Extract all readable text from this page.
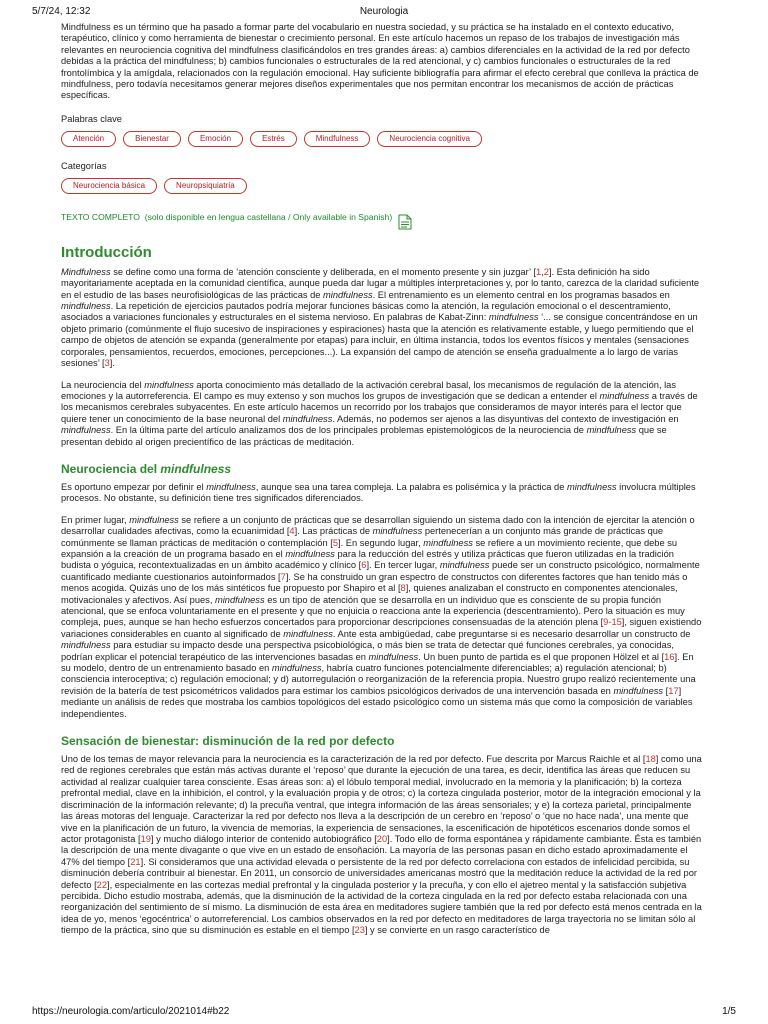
5/7/24, 12:32	Neurologia

Mindfulness es un término que ha pasado a formar parte del vocabulario en nuestra sociedad, y su práctica se ha instalado en el contexto educativo, terapéutico, clínico y como herramienta de bienestar o crecimiento personal. En este artículo hacemos un repaso de los trabajos de investigación más relevantes en neurociencia cognitiva del mindfulness clasificándolos en tres grandes áreas: a) cambios diferenciales en la actividad de la red por defecto debidas a la práctica del mindfulness; b) cambios funcionales o estructurales de la red atencional, y c) cambios funcionales o estructurales de la red frontolímbica y la amígdala, relacionados con la regulación emocional. Hay suficiente bibliografía para afirmar el efecto cerebral que conlleva la práctica de mindfulness, pero todavía necesitamos generar mejores diseños experimentales que nos permitan encontrar los mecanismos de acción de prácticas específicas.

Palabras clave
Atención	Bienestar	Emoción	Estrés	Mindfulness	Neurociencia cognitiva
Categorías
Neurociencia básica	Neuropsiquiatría
TEXTO COMPLETO (solo disponible en lengua castellana / Only available in Spanish)
Introducción

Mindfulness se define como una forma de ‘atención consciente y deliberada, en el momento presente y sin juzgar’ [1,2]. Esta definición ha sido mayoritariamente aceptada en la comunidad científica, aunque pueda dar lugar a múltiples interpretaciones y, por lo tanto, carezca de la claridad suficiente en el estudio de las bases neurofisiológicas de las prácticas de mindfulness. El entrenamiento es un elemento central en los programas basados en mindfulness. La repetición de ejercicios pautados podría mejorar funciones básicas como la atención, la regulación emocional o el descentramiento, asociados a variaciones funcionales y estructurales en el sistema nervioso. En palabras de Kabat-Zinn: mindfulness ‘... se consigue concentrándose en un objeto primario (comúnmente el flujo sucesivo de inspiraciones y espiraciones) hasta que la atención es relativamente estable, y luego permitiendo que el campo de objetos de atención se expanda (generalmente por etapas) para incluir, en última instancia, todos los eventos físicos y mentales (sensaciones corporales, pensamientos, recuerdos, emociones, percepciones...). La expansión del campo de atención se enseña gradualmente a lo largo de varias sesiones’ [3].

La neurociencia del mindfulness aporta conocimiento más detallado de la activación cerebral basal, los mecanismos de regulación de la atención, las emociones y la autorreferencia. El campo es muy extenso y son muchos los grupos de investigación que se dedican a entender el mindfulness a través de los mecanismos cerebrales subyacentes. En este artículo hacemos un recorrido por los trabajos que consideramos de mayor interés para el lector que quiere tener un conocimiento de la base neuronal del mindfulness. Además, no podemos ser ajenos a las disyuntivas del contexto de investigación en mindfulness. En la última parte del artículo analizamos dos de los principales problemas epistemológicos de la neurociencia de mindfulness que se presentan debido al origen precientífico de las prácticas de meditación.

Neurociencia del mindfulness

Es oportuno empezar por definir el mindfulness, aunque sea una tarea compleja. La palabra es polisémica y la práctica de mindfulness involucra múltiples procesos. No obstante, su definición tiene tres significados diferenciados.

En primer lugar, mindfulness se refiere a un conjunto de prácticas que se desarrollan siguiendo un sistema dado con la intención de ejercitar la atención o desarrollar cualidades afectivas, como la ecuanimidad [4]. Las prácticas de mindfulness pertenecerían a un conjunto más grande de prácticas que comúnmente se llaman prácticas de meditación o contemplación [5]. En segundo lugar, mindfulness se refiere a un movimiento reciente, que debe su expansión a la creación de un programa basado en el mindfulness para la reducción del estrés y utiliza prácticas que fueron utilizadas en la tradición budista o yóguica, recontextualizadas en un ámbito académico y clínico [6]. En tercer lugar, mindfulness puede ser un constructo psicológico, normalmente cuantificado mediante cuestionarios autoinformados [7]. Se ha construido un gran espectro de constructos con diferentes factores que han tenido más o menos acogida. Quizás uno de los más sintéticos fue propuesto por Shapiro et al [8], quienes analizaban el constructo en componentes atencionales, motivacionales y afectivos. Así pues, mindfulness es un tipo de atención que se desarrolla en un individuo que es consciente de su propia función atencional, que se enfoca voluntariamente en el presente y que no enjuicia o reacciona ante la experiencia (descentramiento). Pero la situación es muy compleja, pues, aunque se han hecho esfuerzos concertados para proporcionar descripciones consensuadas de la atención plena [9-15], siguen existiendo variaciones considerables en cuanto al significado de mindfulness. Ante esta ambigüedad, cabe preguntarse si es necesario desarrollar un constructo de mindfulness para estudiar su impacto desde una perspectiva psicobiológica, o más bien se trata de detectar qué funciones cerebrales, ya conocidas, podrían explicar el potencial terapéutico de las intervenciones basadas en mindfulness. Un buen punto de partida es el que proponen Hölzel et al [16]. En su modelo, dentro de un entrenamiento basado en mindfulness, habría cuatro funciones potencialmente diferenciables; a) regulación atencional; b) consciencia interoceptiva; c) regulación emocional; y d) autorregulación o reorganización de la referencia propia. Nuestro grupo realizó recientemente una revisión de la batería de test psicométricos validados para estimar los cambios psicológicos derivados de una intervención basada en mindfulness [17] mediante un análisis de redes que mostraba los cambios topológicos del estado psicológico como un sistema más que como la composición de variables independientes.

Sensación de bienestar: disminución de la red por defecto

Uno de los temas de mayor relevancia para la neurociencia es la caracterización de la red por defecto. Fue descrita por Marcus Raichle et al [18] como una red de regiones cerebrales que están más activas durante el ‘reposo’ que durante la ejecución de una tarea, es decir, identifica las áreas que reducen su actividad al realizar cualquier tarea consciente. Esas áreas son: a) el lóbulo temporal medial, involucrado en la memoria y la planificación; b) la corteza prefrontal medial, clave en la inhibición, el control, y la evaluación propia y de otros; c) la corteza cingulada posterior, motor de la integración emocional y la discriminación de la información relevante; d) la precuña ventral, que integra información de las áreas sensoriales; y e) la corteza parietal, principalmente las áreas motoras del lenguaje. Caracterizar la red por defecto nos lleva a la descripción de un cerebro en ‘reposo’ o ‘que no hace nada’, una mente que vive en la planificación de un futuro, la vivencia de memorias, la experiencia de sensaciones, la escenificación de hipotéticos escenarios donde somos el actor protagonista [19] y mucho diálogo interior de contenido autobiográfico [20]. Todo ello de forma espontánea y rápidamente cambiante. Ésta es también la descripción de una mente divagante o que vive en un estado de ensoñación. La mayoría de las personas pasan en dicho estado aproximadamente el 47% del tiempo [21]. Si consideramos que una actividad elevada o persistente de la red por defecto correlaciona con estados de infelicidad percibida, su disminución debería contribuir al bienestar. En 2011, un consorcio de universidades americanas mostró que la meditación reduce la actividad de la red por defecto [22], especialmente en las cortezas medial prefrontal y la cingulada posterior y la precuña, y con ello el ajetreo mental y la satisfacción subjetiva percibida. Dicho estudio mostraba, además, que la disminución de la actividad de la corteza cingulada en la red por defecto estaba relacionada con una reorganización del sentimiento de sí mismo. La disminución de esta área en meditadores sugiere también que la red por defecto está menos centrada en la idea de yo, menos ‘egocéntrica’ o autorreferencial. Los cambios observados en la red por defecto en meditadores de larga trayectoria no se limitan sólo al tiempo de la práctica, sino que su disminución es estable en el tiempo [23] y se convierte en un rasgo característico de

https://neurologia.com/articulo/2021014#b22	1/5
